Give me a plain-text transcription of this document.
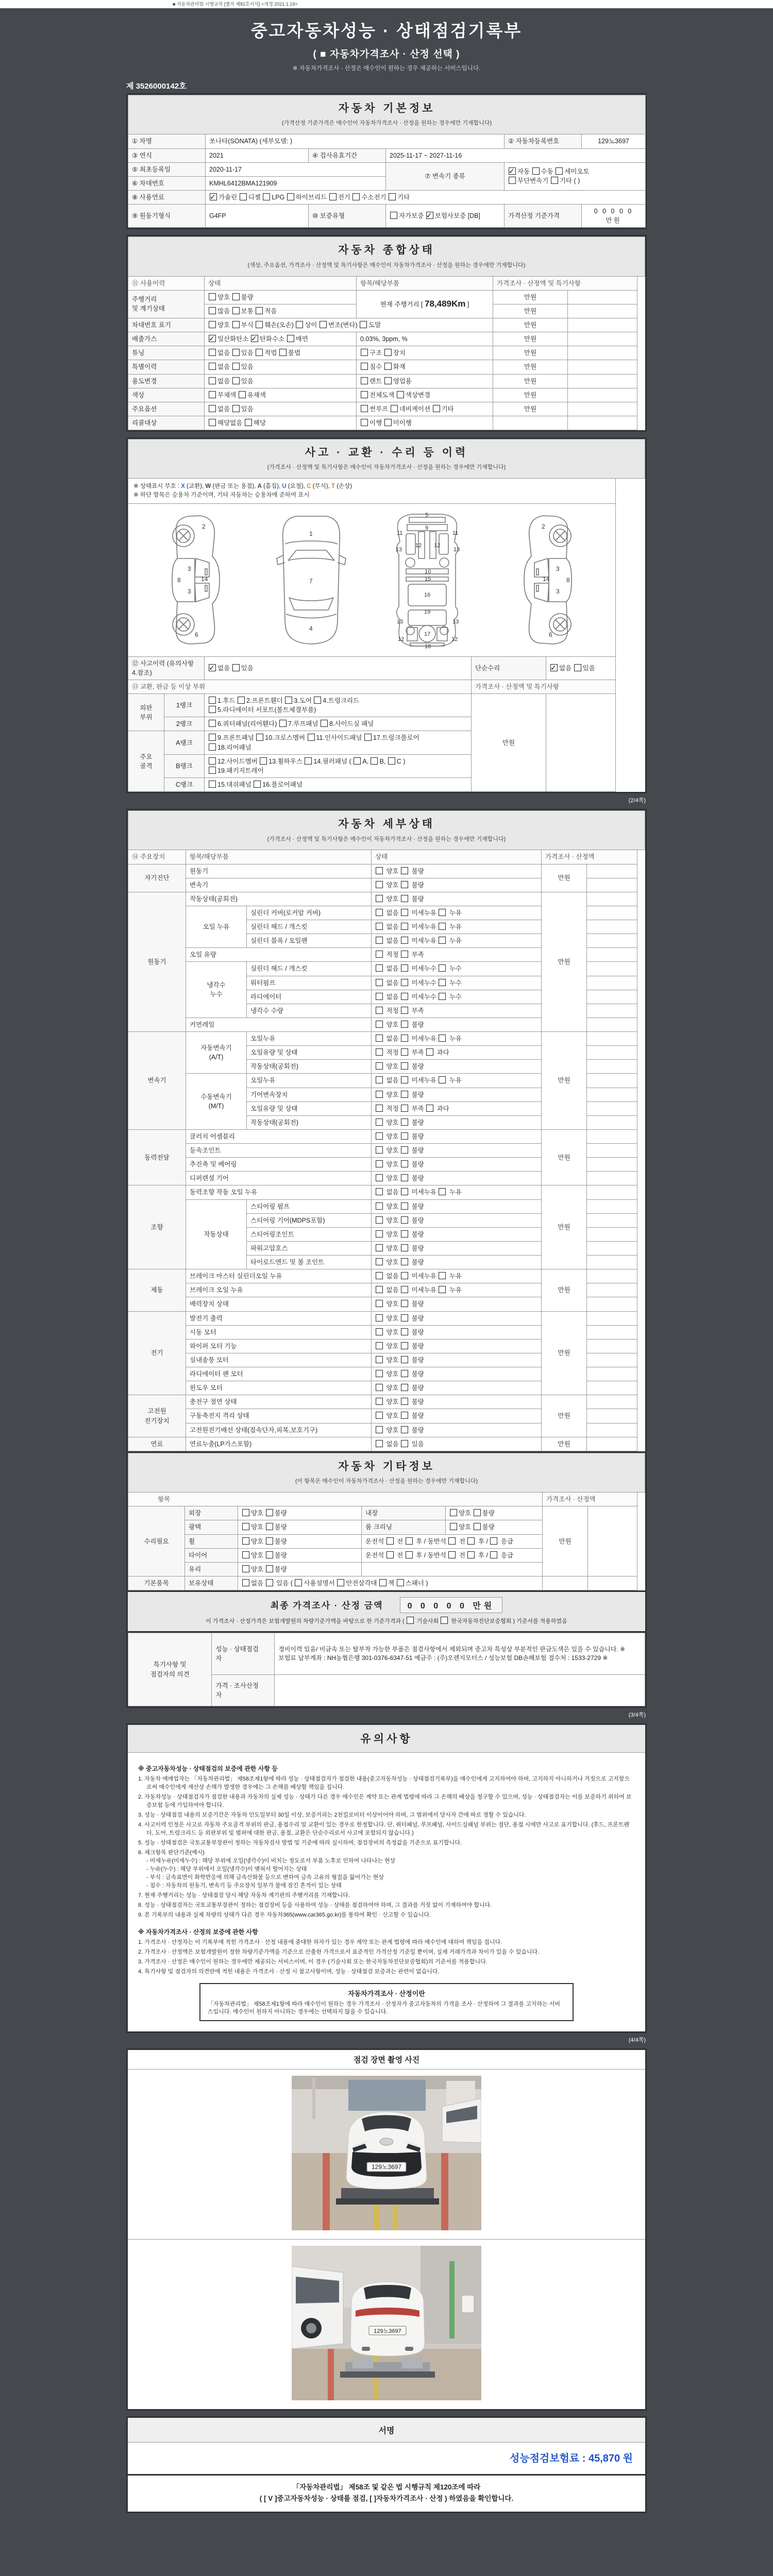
■ 자동차관리법 시행규칙 [별지 제82호서식] <개정 2021.1.19>
중고자동차성능 · 상태점검기록부
( ■ 자동차가격조사 · 산정 선택 )
※ 자동차가격조사 · 산정은 매수인이 원하는 경우 제공하는 서비스입니다.
제 3526000142호
자동차 기본정보
(가격산정 기준가격은 매수인이 자동차가격조사 · 산정을 원하는 경우에만 기재합니다)					

① 차명	쏘나타(SONATA) (세부모델: )			② 자동차등록번호	129노3697
③ 연식	2021	④ 검사유효기간	2025-11-17 ~ 2027-11-16		
⑤ 최초등록일	2020-11-17		⑦ 변속기 종류	✓자동 수동 세미오토
무단변속기 기타 ( )
⑥ 차대번호	KMHL6412BMA121909				
⑧ 사용연료	✓가솔린 디젤 LPG 하이브리드 전기 수소전기 기타
⑨ 원동기형식	G4FP	⑩ 보증유형	자가보증 ✓보험사보증 [DB]	가격산정 기준가격	0 0 0 0 0 만원
자동차 종합상태
(색상, 주요옵션, 가격조사 · 산정액 및 특기사항은 매수인이 자동차가격조사 · 산정을 원하는 경우에만 기재합니다)				

⑪ 사용이력	상태	항목/해당부품	가격조사 · 산정액 및 특기사항	
주행거리
및 계기상태	양호 불량	현재 주행거리 [ 78,489Km ]	만원	
	많음 보통 적음		만원	
차대번호 표기	양호 부식 훼손(오손) 상이 변조(변타) 도말		만원	
배출가스	✓일산화탄소 ✓탄화수소 매연	0.03%, 3ppm, %	만원	
튜닝	없음 있음 적법 불법	구조 장치	만원	
특별이력	없음 있음	침수 화재	만원	
용도변경	없음 있음	렌트 영업용	만원	
색상	무채색 유채색	전체도색 색상변경	만원	
주요옵션	없음 있음	썬루프 네비게이션 기타	만원	
리콜대상	해당없음 해당	이행 미이행		
사고 · 교환 · 수리 등 이력
(가격조사 · 산정액 및 특기사항은 매수인이 자동차가격조사 · 산정을 원하는 경우에만 기재합니다)				

※ 상태표시 부호 : X (교환), W (판금 또는 용접), A (흠집), U (요철), C (부식), T (손상)
※ 하단 항목은 승용차 기준이며, 기타 자동차는 승용차에 준하여 표시				

2
8
3
14
3
6
1
7
4
5
9
11	11
13	13
12 12
10
15
16
19
13	13
17
12	12
18
2
8
3
14
3
6

⑫ 사고이력 (유의사항 4.참조)	✓없음 있음	단순수리	✓없음 있음
⑬ 교환, 판금 등 이상 부위			가격조사 · 산정액 및 특기사항	
외판
부위	1랭크	1.후드 2.프론트휀더 3.도어 4.트렁크리드
5.라디에이터 서포트(볼트체결부품)	만원	
	2랭크	6.쿼터패널(리어휀다) 7.루프패널 8.사이드실 패널		
주요
골격	A랭크	9.프론트패널 10.크로스멤버 11.인사이드패널 17.트렁크플로어
18.리어패널		
	B랭크	12.사이드멤버 13.휠하우스 14.필러패널 ( A, B, C )
19.패키지트레이		
	C랭크	15.대쉬패널 16.플로어패널		
(2/4쪽)
자동차 세부상태
(가격조사 · 산정액 및 특기사항은 매수인이 자동차가격조사 · 산정을 원하는 경우에만 기재합니다)					

⑭ 주요장치	항목/해당부품		상태	가격조사 · 산정액	
자기진단	원동기		양호  불량	만원	
	변속기		양호  불량		
원동기	작동상태(공회전)		양호  불량	만원	
	오일 누유	실린더 커버(로커암 커버)	없음  미세누유  누유		
		실린더 헤드 / 개스킷	없음  미세누유  누유		
		실린더 블록 / 오일팬	없음  미세누유  누유		
	오일 유량		적정  부족		
	냉각수
누수	실린더 헤드 / 개스킷	없음  미세누수  누수		
		워터펌프	없음  미세누수  누수		
		라디에이터	없음  미세누수  누수		
		냉각수 수량	적정  부족		
	커먼레일		양호  불량		
변속기	자동변속기
(A/T)	오일누유	없음  미세누유  누유	만원	
		오일유량 및 상태	적정  부족  과다		
		작동상태(공회전)	양호  불량		
	수동변속기
(M/T)	오일누유	없음  미세누유  누유		
		기어변속장치	양호  불량		
		오일유량 및 상태	적정  부족  과다		
		작동상태(공회전)	양호  불량		
동력전달	클러치 어셈블리		양호  불량	만원	
	등속조인트		양호  불량		
	추진축 및 베어링		양호  불량		
	디퍼렌셜 기어		양호  불량		
조향	동력조향 작동 오일 누유		없음  미세누유  누유	만원	
	작동상태	스티어링 펌프	양호  불량		
		스티어링 기어(MDPS포함)	양호  불량		
		스티어링조인트	양호  불량		
		파워고압호스	양호  불량		
		타이로드엔드 및 볼 조인트	양호  불량		
제동	브레이크 마스터 실린더오일 누유		없음  미세누유  누유	만원	
	브레이크 오일 누유		없음  미세누유  누유		
	배력장치 상태		양호  불량		
전기	발전기 출력		양호  불량	만원	
	시동 모터		양호  불량		
	와이퍼 모터 기능		양호  불량		
	실내송풍 모터		양호  불량		
	라디에이터 팬 모터		양호  불량		
	윈도우 모터		양호  불량		
고전원
전기장치	충전구 절연 상태		양호  불량	만원	
	구동축전지 격리 상태		양호  불량		
	고전원전기배선 상태(접속단자,피복,보호기구)		양호  불량		
연료	연료누출(LP가스포함)		없음  있음	만원	
자동차 기타정보
(이 항목은 매수인이 자동차가격조사 · 산정을 원하는 경우에만 기재합니다)						

　　　　항목					가격조사 · 산정액	
수리필요	외장	양호 불량	내장	양호 불량	만원	
	광택	양호 불량	룸 크리닝	양호 불량		
	휠	양호 불량	운전석  전  후 / 동반석  전  후 /  응급			
	타이어	양호 불량	운전석  전  후 / 동반석  전  후 /  응급			
	유리	양호 불량				
기본품목	보유상태	없음  있음 ( 사용설명서 안전삼각대 잭 스패너 )				
최종 가격조사 · 산정 금액　　	0 0 0 0 0 만원
이 가격조사 · 산정가격은 보험개발원의 차량기준가액을 바탕으로 한 기준가격과 (  기술사회  한국자동차진단보증협회 ) 기준서를 적용하였음
특기사항 및
점검자의 의견	성능 · 상태점검
자	정비이력 있음/ 비금속 또는 탈부착 가능한 부품은 점검사항에서 제외되며 중고차 특성상 부분적인 판금도색은 있을 수 있습니다. ※보험료 납부계좌 : NH농협은행 301-0376-6347-51 예금주 : (주)오렌지모터스 / 성능보험 DB손해보험 접수처 : 1533-2729 ※
	가격 · 조사산정
자	
(3/4쪽)
유의사항
※ 중고자동차성능 · 상태점검의 보증에 관한 사항 등
1. 자동차 매매업자는 「자동차관리법」 제58조제1항에 따라 성능 · 상태점검자가 점검한 내용(중고자동차성능 · 상태점검기록부)을 매수인에게 고지하여야 하며, 고지하지 아니하거나 거짓으로 고지함으로써 매수인에게 재산상 손해가 발생한 경우에는 그 손해를 배상할 책임을 집니다.
2. 자동차성능 · 상태점검자가 점검한 내용과 자동차의 실제 성능 · 상태가 다른 경우 매수인은 계약 또는 관계 법령에 따라 그 손해의 배상을 청구할 수 있으며, 성능 · 상태점검자는 이를 보증하기 위하여 보증보험 등에 가입하여야 합니다.
3. 성능 · 상태점검 내용의 보증기간은 자동차 인도일부터 30일 이상, 보증거리는 2천킬로미터 이상이어야 하며, 그 범위에서 당사자 간에 따로 정할 수 있습니다.
4. 사고이력 인정은 사고로 자동차 주요골격 부위의 판금, 용접수리 및 교환이 있는 경우로 한정합니다. 단, 쿼터패널, 루프패널, 사이드실패널 부위는 절단, 용접 시에만 사고로 표기합니다. (후드, 프론트펜더, 도어, 트렁크리드 등 외판부위 및 범퍼에 대한 판금, 용접, 교환은 단순수리로서 사고에 포함되지 않습니다.)
5. 성능 · 상태점검은 국토교통부장관이 정하는 자동차검사 방법 및 기준에 따라 실시하며, 점검장비의 측정값을 기준으로 표기합니다.
6. 체크항목 판단기준(예시)
- 미세누유(미세누수) : 해당 부위에 오일(냉각수)이 비치는 정도로서 부품 노후로 인하여 나타나는 현상
- 누유(누수) : 해당 부위에서 오일(냉각수)이 맺혀서 떨어지는 상태
- 부식 : 금속표면이 화학반응에 의해 금속산화물 등으로 변하여 금속 고유의 형질을 잃어가는 현상
- 침수 : 자동차의 원동기, 변속기 등 주요장치 일부가 물에 잠긴 흔적이 있는 상태
7. 현재 주행거리는 성능 · 상태점검 당시 해당 자동차 계기판의 주행거리를 기재합니다.
8. 성능 · 상태점검자는 국토교통부장관이 정하는 점검장비 등을 사용하여 성능 · 상태를 점검하여야 하며, 그 결과를 거짓 없이 기재하여야 합니다.
9. 본 기록부의 내용과 실제 차량의 상태가 다른 경우 자동차365(www.car365.go.kr)를 통하여 확인 · 신고할 수 있습니다.
※ 자동차가격조사 · 산정의 보증에 관한 사항
1. 가격조사 · 산정자는 이 기록부에 적힌 가격조사 · 산정 내용에 중대한 하자가 있는 경우 계약 또는 관계 법령에 따라 매수인에 대하여 책임을 집니다.
2. 가격조사 · 산정액은 보험개발원이 정한 차량기준가액을 기준으로 산출한 가격으로서 표준적인 가격산정 기준일 뿐이며, 실제 거래가격과 차이가 있을 수 있습니다.
3. 가격조사 · 산정은 매수인이 원하는 경우에만 제공되는 서비스이며, 이 경우 (기술사회 또는 한국자동차진단보증협회)의 기준서를 적용합니다.
4. 특기사항 및 점검자의 의견란에 적힌 내용은 가격조사 · 산정 시 참고사항이며, 성능 · 상태점검 보증과는 관련이 없습니다.
자동차가격조사 · 산정이란
「자동차관리법」 제58조제1항에 따라 매수인이 원하는 경우 가격조사 · 산정자가 중고자동차의 가격을 조사 · 산정하여 그 결과를 고지하는 서비스입니다. 매수인이 원하지 아니하는 경우에는 선택하지 않을 수 있습니다.
(4/4쪽)
점검 장면 촬영 사진
129노3697
129노3697
서명
성능점검보험료 : 45,870 원
「자동차관리법」 제58조 및 같은 법 시행규칙 제120조에 따라
( [ V ]중고자동차성능 · 상태를 점검, [ ]자동차가격조사 · 산정 ) 하였음을 확인합니다.
